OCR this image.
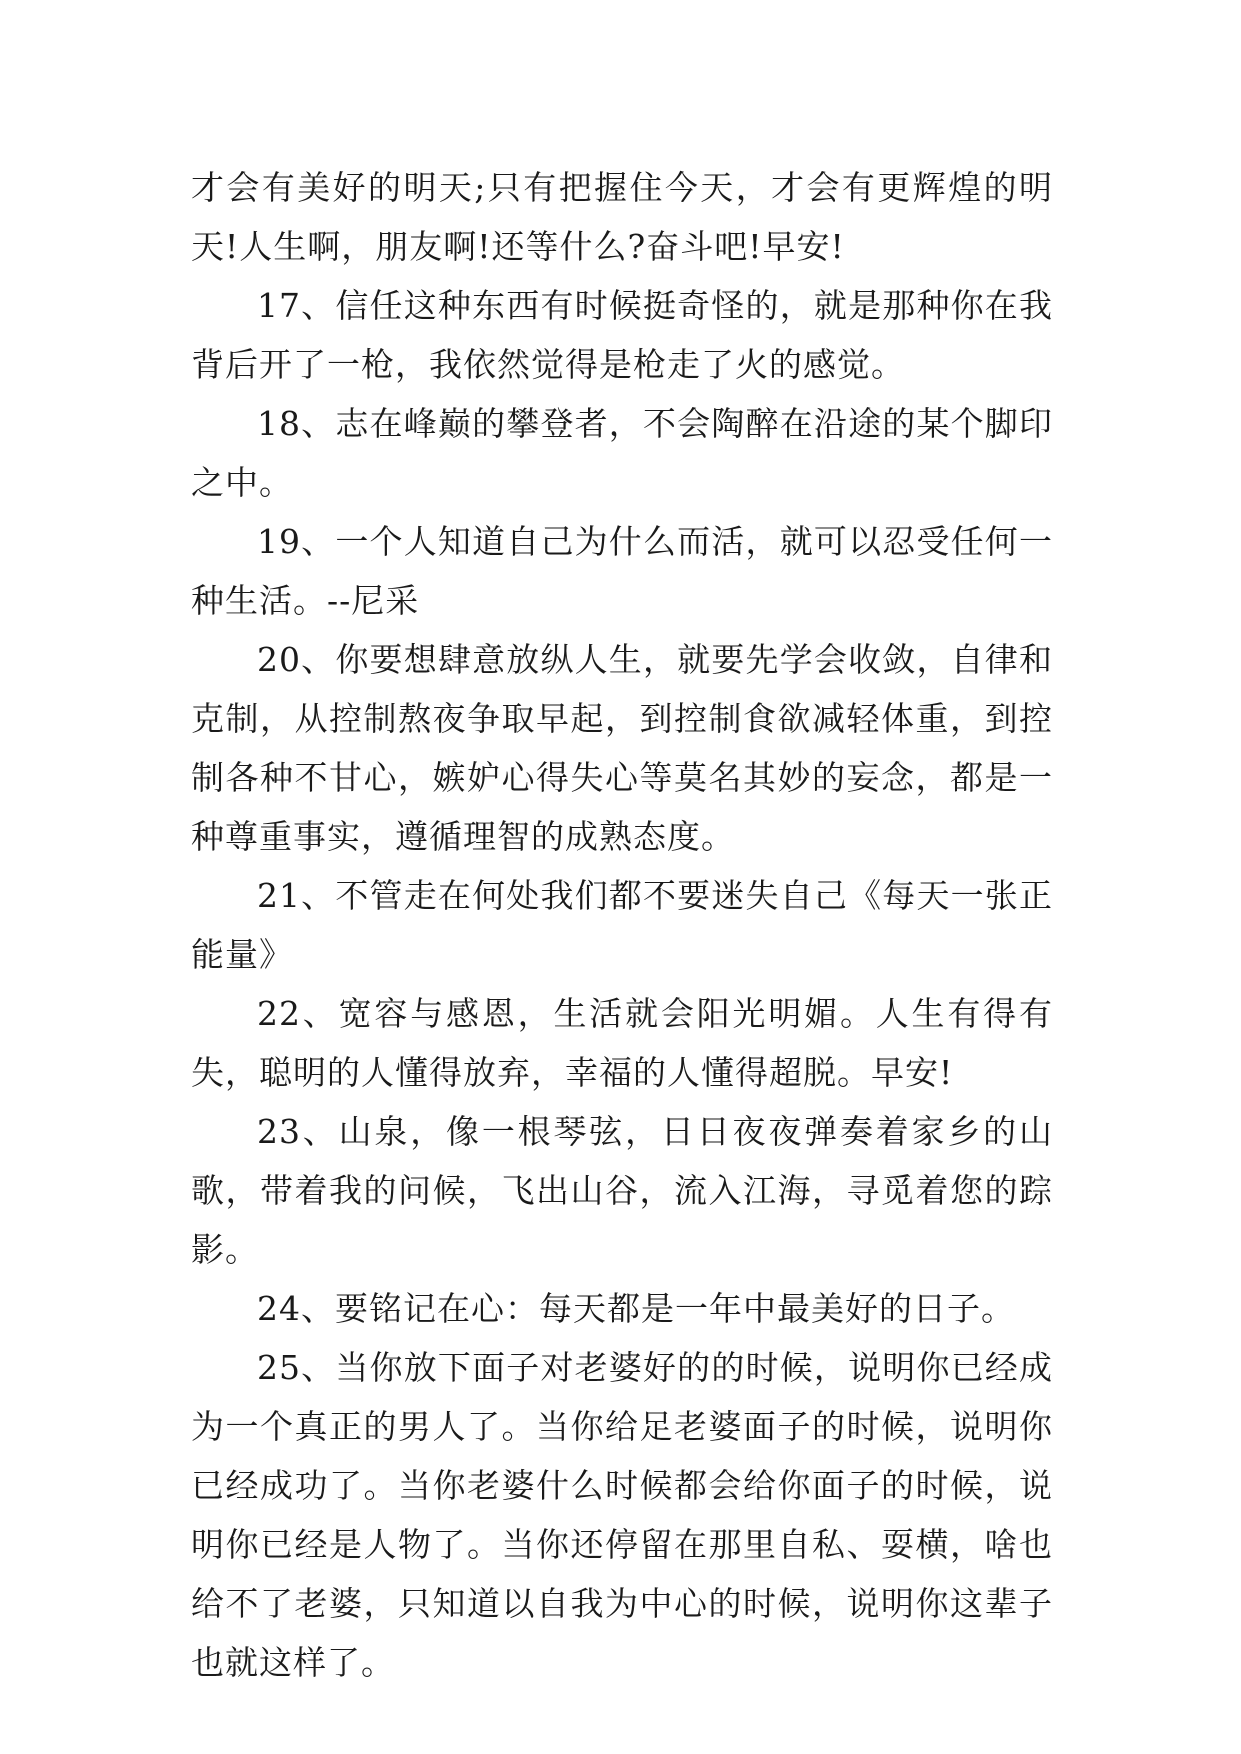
才会有美好的明天;只有把握住今天，才会有更辉煌的明天!人生啊，朋友啊!还等什么?奋斗吧!早安!

17、信任这种东西有时候挺奇怪的，就是那种你在我背后开了一枪，我依然觉得是枪走了火的感觉。

18、志在峰巅的攀登者，不会陶醉在沿途的某个脚印之中。

19、一个人知道自己为什么而活，就可以忍受任何一种生活。--尼采

20、你要想肆意放纵人生，就要先学会收敛，自律和克制，从控制熬夜争取早起，到控制食欲减轻体重，到控制各种不甘心，嫉妒心得失心等莫名其妙的妄念，都是一种尊重事实，遵循理智的成熟态度。

21、不管走在何处我们都不要迷失自己《每天一张正能量》

22、宽容与感恩，生活就会阳光明媚。人生有得有失，聪明的人懂得放弃，幸福的人懂得超脱。早安!

23、山泉，像一根琴弦，日日夜夜弹奏着家乡的山歌，带着我的问候，飞出山谷，流入江海，寻觅着您的踪影。

24、要铭记在心：每天都是一年中最美好的日子。

25、当你放下面子对老婆好的的时候，说明你已经成为一个真正的男人了。当你给足老婆面子的时候，说明你已经成功了。当你老婆什么时候都会给你面子的时候，说明你已经是人物了。当你还停留在那里自私、耍横，啥也给不了老婆，只知道以自我为中心的时候，说明你这辈子也就这样了。
